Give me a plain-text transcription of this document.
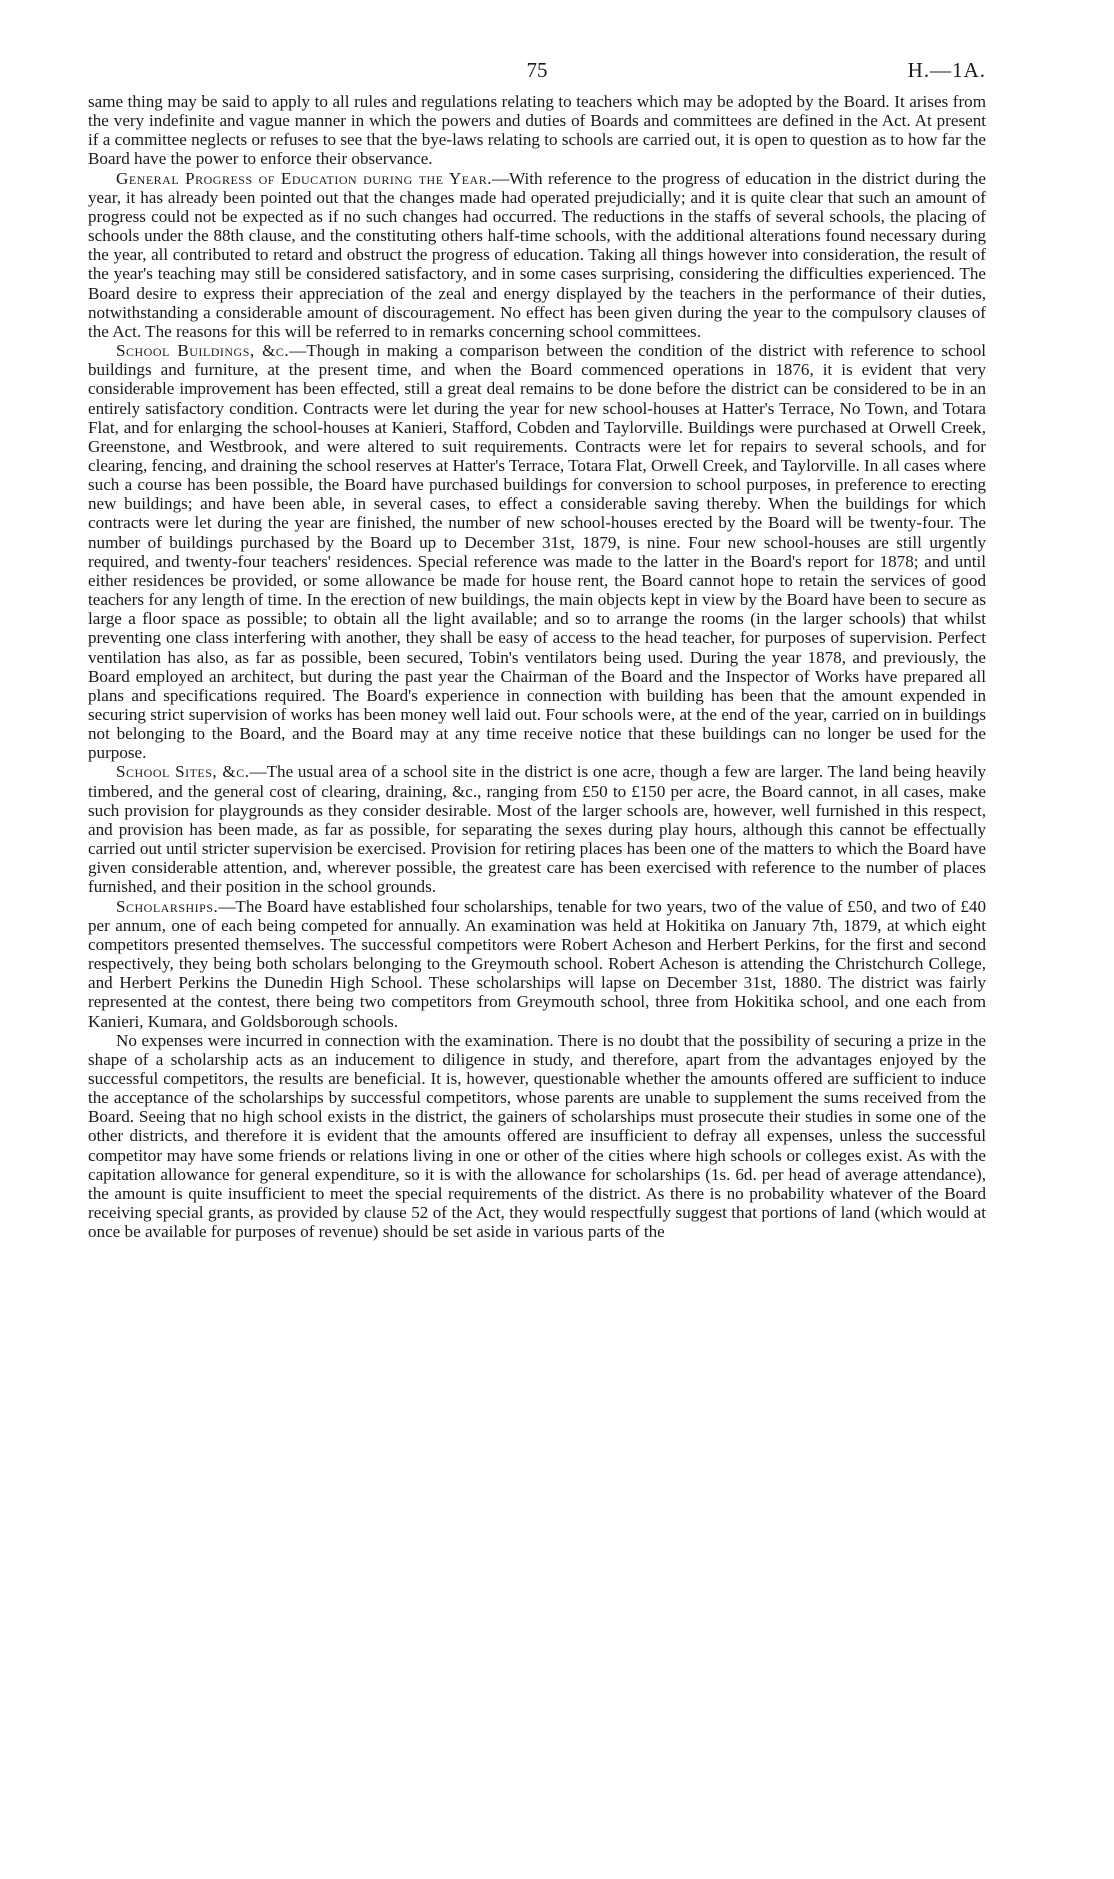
75	H.—1A.

same thing may be said to apply to all rules and regulations relating to teachers which may be adopted by the Board. It arises from the very indefinite and vague manner in which the powers and duties of Boards and committees are defined in the Act. At present if a committee neglects or refuses to see that the bye-laws relating to schools are carried out, it is open to question as to how far the Board have the power to enforce their observance.

General Progress of Education during the Year.—With reference to the progress of education in the district during the year, it has already been pointed out that the changes made had operated prejudicially; and it is quite clear that such an amount of progress could not be expected as if no such changes had occurred. The reductions in the staffs of several schools, the placing of schools under the 88th clause, and the constituting others half-time schools, with the additional alterations found necessary during the year, all contributed to retard and obstruct the progress of education. Taking all things however into consideration, the result of the year's teaching may still be considered satisfactory, and in some cases surprising, considering the difficulties experienced. The Board desire to express their appreciation of the zeal and energy displayed by the teachers in the performance of their duties, notwithstanding a considerable amount of discouragement. No effect has been given during the year to the compulsory clauses of the Act. The reasons for this will be referred to in remarks concerning school committees.

School Buildings, &c.—Though in making a comparison between the condition of the district with reference to school buildings and furniture, at the present time, and when the Board commenced operations in 1876, it is evident that very considerable improvement has been effected, still a great deal remains to be done before the district can be considered to be in an entirely satisfactory condition. Contracts were let during the year for new school-houses at Hatter's Terrace, No Town, and Totara Flat, and for enlarging the school-houses at Kanieri, Stafford, Cobden and Taylorville. Buildings were purchased at Orwell Creek, Greenstone, and Westbrook, and were altered to suit requirements. Contracts were let for repairs to several schools, and for clearing, fencing, and draining the school reserves at Hatter's Terrace, Totara Flat, Orwell Creek, and Taylorville. In all cases where such a course has been possible, the Board have purchased buildings for conversion to school purposes, in preference to erecting new buildings; and have been able, in several cases, to effect a considerable saving thereby. When the buildings for which contracts were let during the year are finished, the number of new school-houses erected by the Board will be twenty-four. The number of buildings purchased by the Board up to December 31st, 1879, is nine. Four new school-houses are still urgently required, and twenty-four teachers' residences. Special reference was made to the latter in the Board's report for 1878; and until either residences be provided, or some allowance be made for house rent, the Board cannot hope to retain the services of good teachers for any length of time. In the erection of new buildings, the main objects kept in view by the Board have been to secure as large a floor space as possible; to obtain all the light available; and so to arrange the rooms (in the larger schools) that whilst preventing one class interfering with another, they shall be easy of access to the head teacher, for purposes of supervision. Perfect ventilation has also, as far as possible, been secured, Tobin's ventilators being used. During the year 1878, and previously, the Board employed an architect, but during the past year the Chairman of the Board and the Inspector of Works have prepared all plans and specifications required. The Board's experience in connection with building has been that the amount expended in securing strict supervision of works has been money well laid out. Four schools were, at the end of the year, carried on in buildings not belonging to the Board, and the Board may at any time receive notice that these buildings can no longer be used for the purpose.

School Sites, &c.—The usual area of a school site in the district is one acre, though a few are larger. The land being heavily timbered, and the general cost of clearing, draining, &c., ranging from £50 to £150 per acre, the Board cannot, in all cases, make such provision for playgrounds as they consider desirable. Most of the larger schools are, however, well furnished in this respect, and provision has been made, as far as possible, for separating the sexes during play hours, although this cannot be effectually carried out until stricter supervision be exercised. Provision for retiring places has been one of the matters to which the Board have given considerable attention, and, wherever possible, the greatest care has been exercised with reference to the number of places furnished, and their position in the school grounds.

Scholarships.—The Board have established four scholarships, tenable for two years, two of the value of £50, and two of £40 per annum, one of each being competed for annually. An examination was held at Hokitika on January 7th, 1879, at which eight competitors presented themselves. The successful competitors were Robert Acheson and Herbert Perkins, for the first and second respectively, they being both scholars belonging to the Greymouth school. Robert Acheson is attending the Christchurch College, and Herbert Perkins the Dunedin High School. These scholarships will lapse on December 31st, 1880. The district was fairly represented at the contest, there being two competitors from Greymouth school, three from Hokitika school, and one each from Kanieri, Kumara, and Goldsborough schools.

No expenses were incurred in connection with the examination. There is no doubt that the possibility of securing a prize in the shape of a scholarship acts as an inducement to diligence in study, and therefore, apart from the advantages enjoyed by the successful competitors, the results are beneficial. It is, however, questionable whether the amounts offered are sufficient to induce the acceptance of the scholarships by successful competitors, whose parents are unable to supplement the sums received from the Board. Seeing that no high school exists in the district, the gainers of scholarships must prosecute their studies in some one of the other districts, and therefore it is evident that the amounts offered are insufficient to defray all expenses, unless the successful competitor may have some friends or relations living in one or other of the cities where high schools or colleges exist. As with the capitation allowance for general expenditure, so it is with the allowance for scholarships (1s. 6d. per head of average attendance), the amount is quite insufficient to meet the special requirements of the district. As there is no probability whatever of the Board receiving special grants, as provided by clause 52 of the Act, they would respectfully suggest that portions of land (which would at once be available for purposes of revenue) should be set aside in various parts of the
